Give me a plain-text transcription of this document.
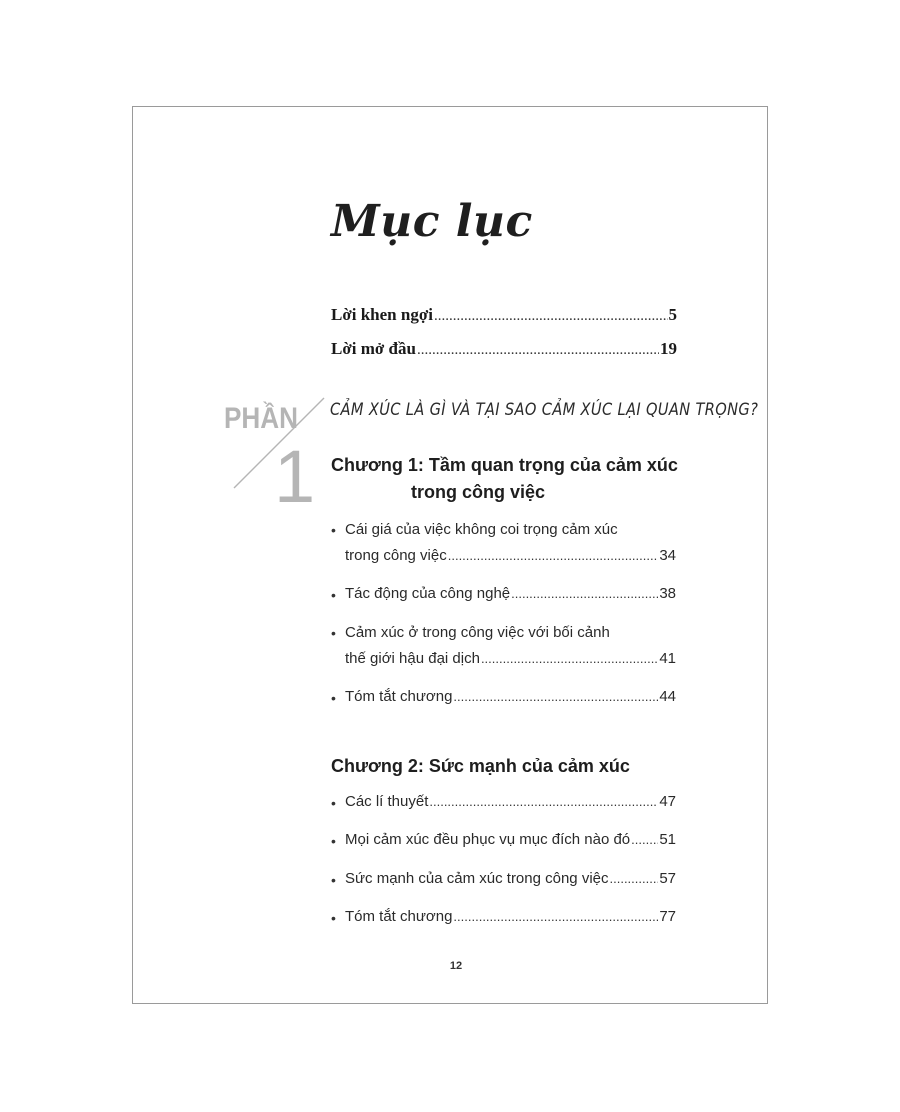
Mục lục
Lời khen ngợi .....	5
Lời mở đầu .....	19
PHẦN
1
CẢM XÚC LÀ GÌ VÀ TẠI SAO CẢM XÚC LẠI QUAN TRỌNG?
Chương 1: Tầm quan trọng của cảm xúc
trong công việc
• Cái giá của việc không coi trọng cảm xúc
trong công việc .....	34
• Tác động của công nghệ .....	38
• Cảm xúc ở trong công việc với bối cảnh
thế giới hậu đại dịch .....	41
• Tóm tắt chương .....	44
Chương 2: Sức mạnh của cảm xúc
• Các lí thuyết .....	47
• Mọi cảm xúc đều phục vụ mục đích nào đó ..... 51
• Sức mạnh của cảm xúc trong công việc .....	57
• Tóm tắt chương .....	77
12
